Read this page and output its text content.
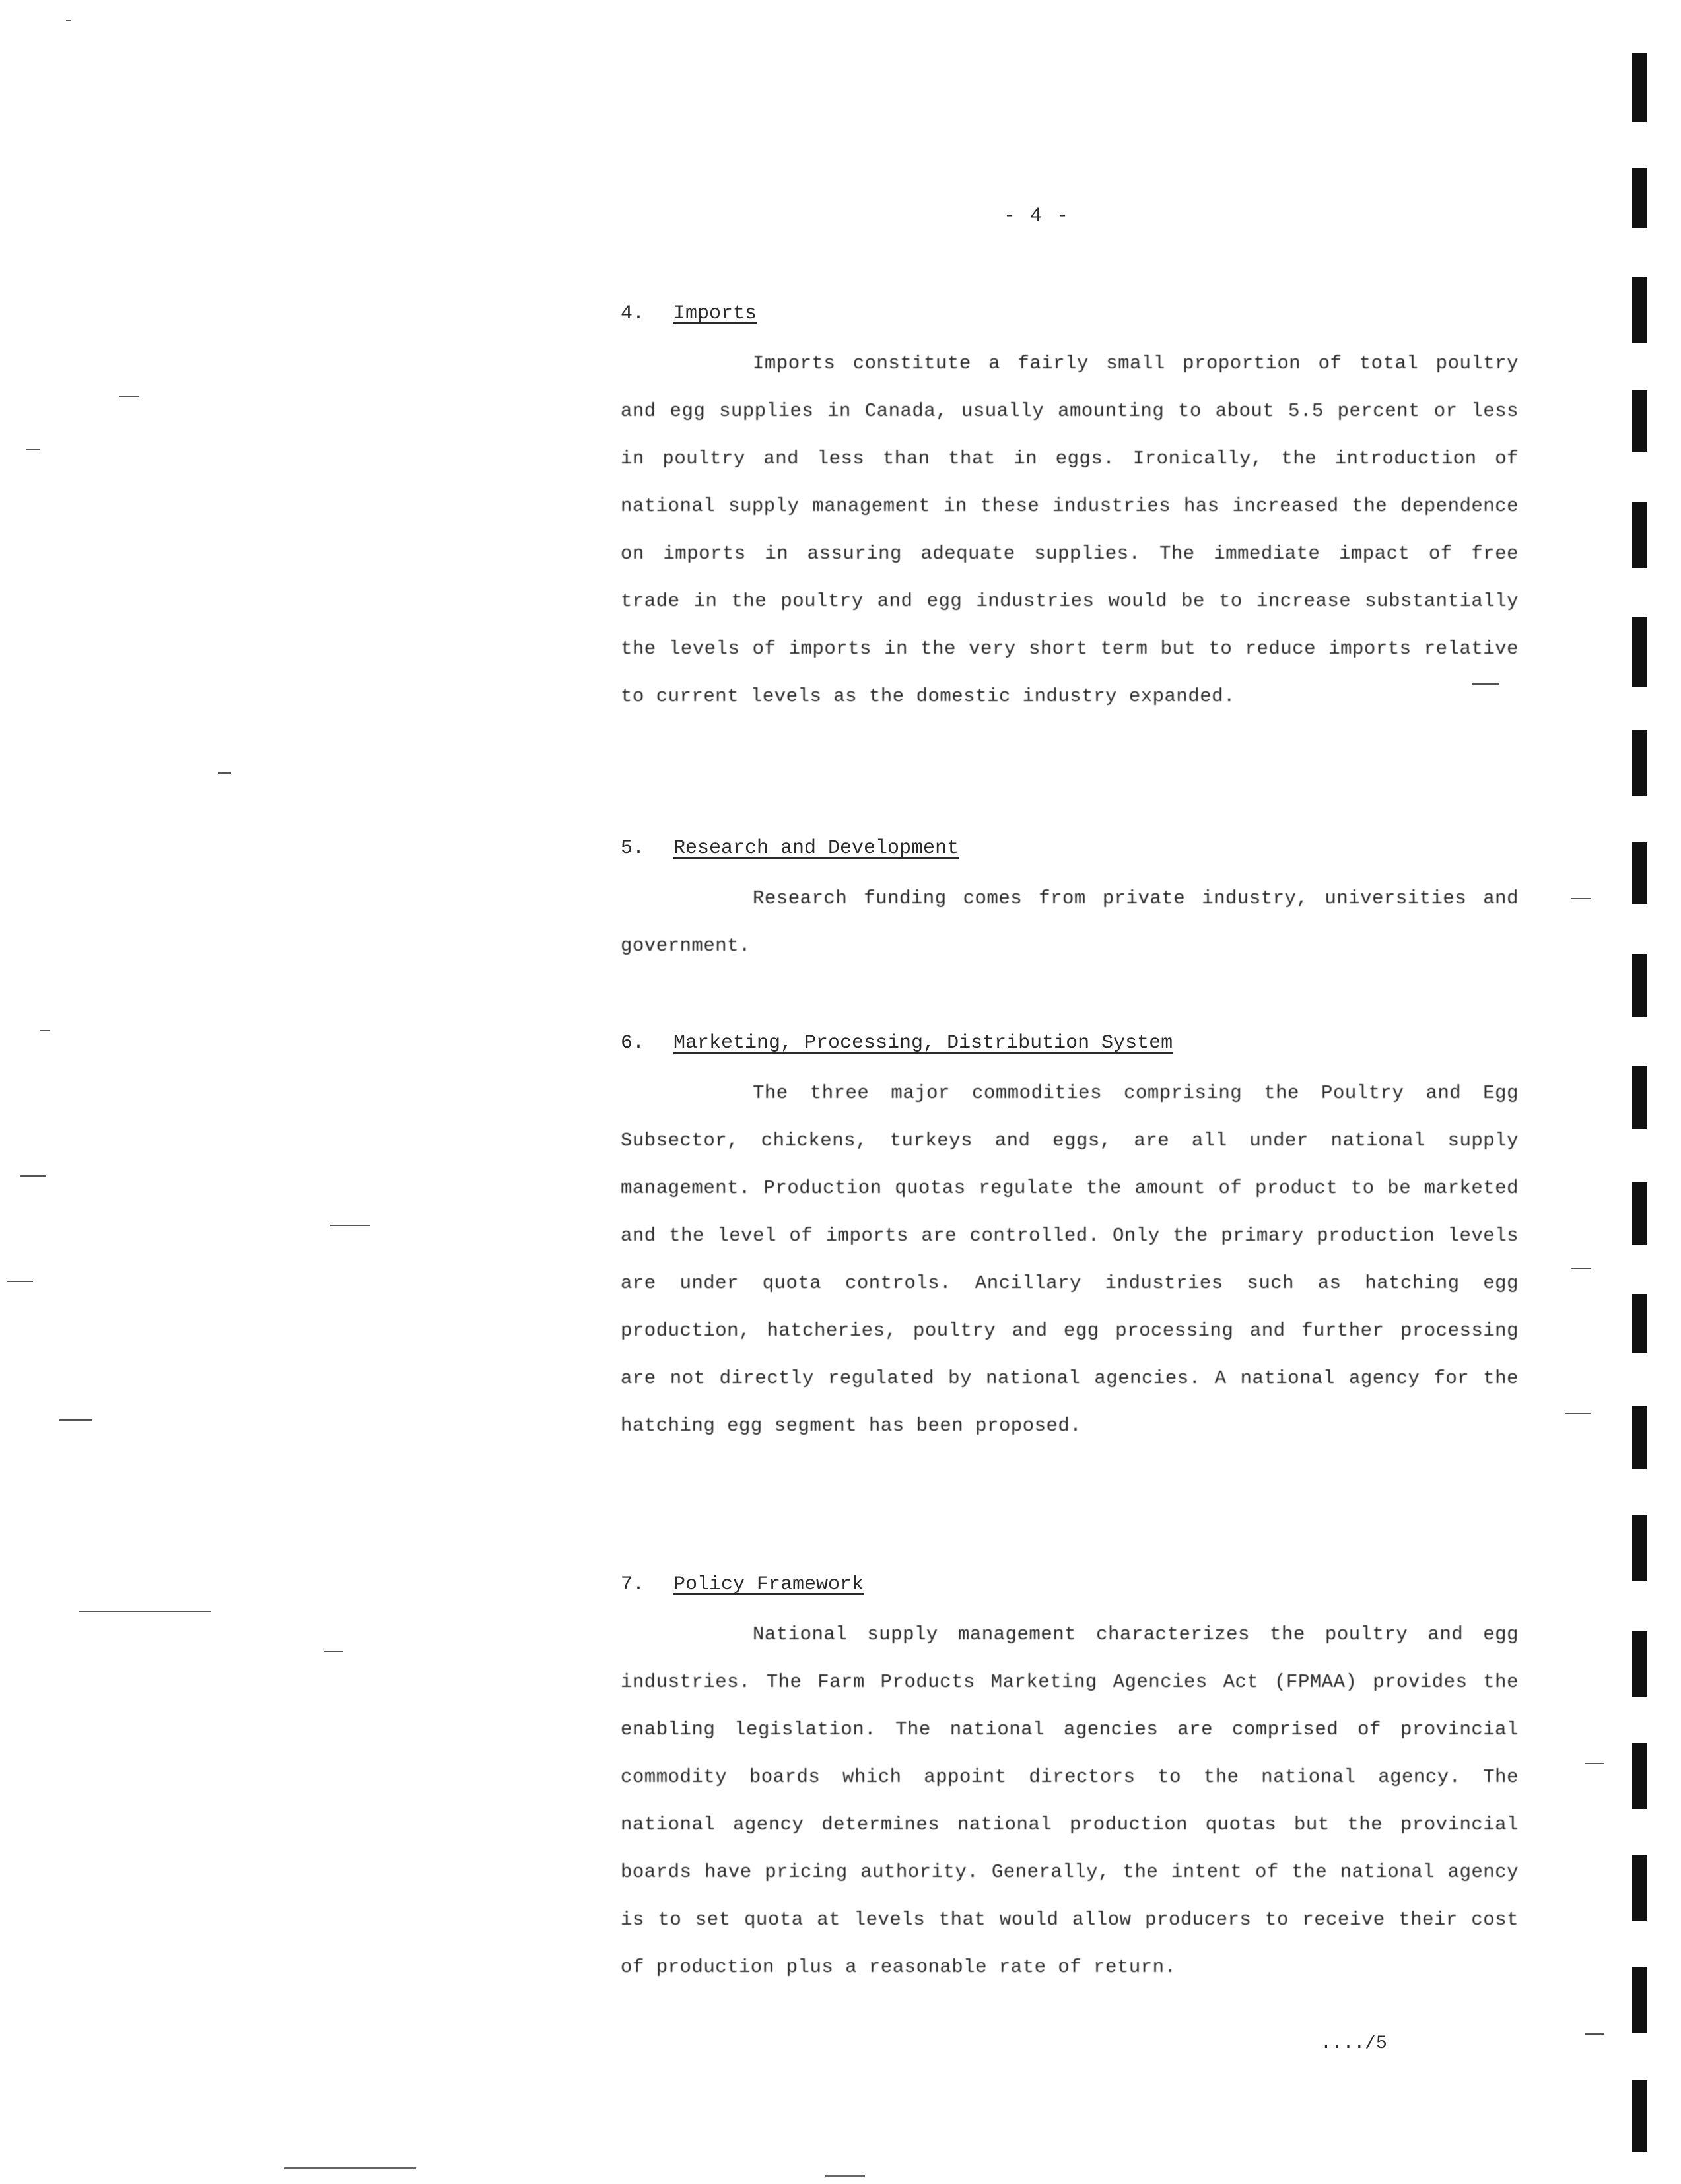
- 4 -
4. Imports
Imports constitute a fairly small proportion of total poultry and egg supplies in Canada, usually amounting to about 5.5 percent or less in poultry and less than that in eggs. Ironically, the introduction of national supply management in these industries has increased the dependence on imports in assuring adequate supplies. The immediate impact of free trade in the poultry and egg industries would be to increase substantially the levels of imports in the very short term but to reduce imports relative to current levels as the domestic industry expanded.
5. Research and Development
Research funding comes from private industry, universities and government.
6. Marketing, Processing, Distribution System
The three major commodities comprising the Poultry and Egg Subsector, chickens, turkeys and eggs, are all under national supply management. Production quotas regulate the amount of product to be marketed and the level of imports are controlled. Only the primary production levels are under quota controls. Ancillary industries such as hatching egg production, hatcheries, poultry and egg processing and further processing are not directly regulated by national agencies. A national agency for the hatching egg segment has been proposed.
7. Policy Framework
National supply management characterizes the poultry and egg industries. The Farm Products Marketing Agencies Act (FPMAA) provides the enabling legislation. The national agencies are comprised of provincial commodity boards which appoint directors to the national agency. The national agency determines national production quotas but the provincial boards have pricing authority. Generally, the intent of the national agency is to set quota at levels that would allow producers to receive their cost of production plus a reasonable rate of return.
..../5
